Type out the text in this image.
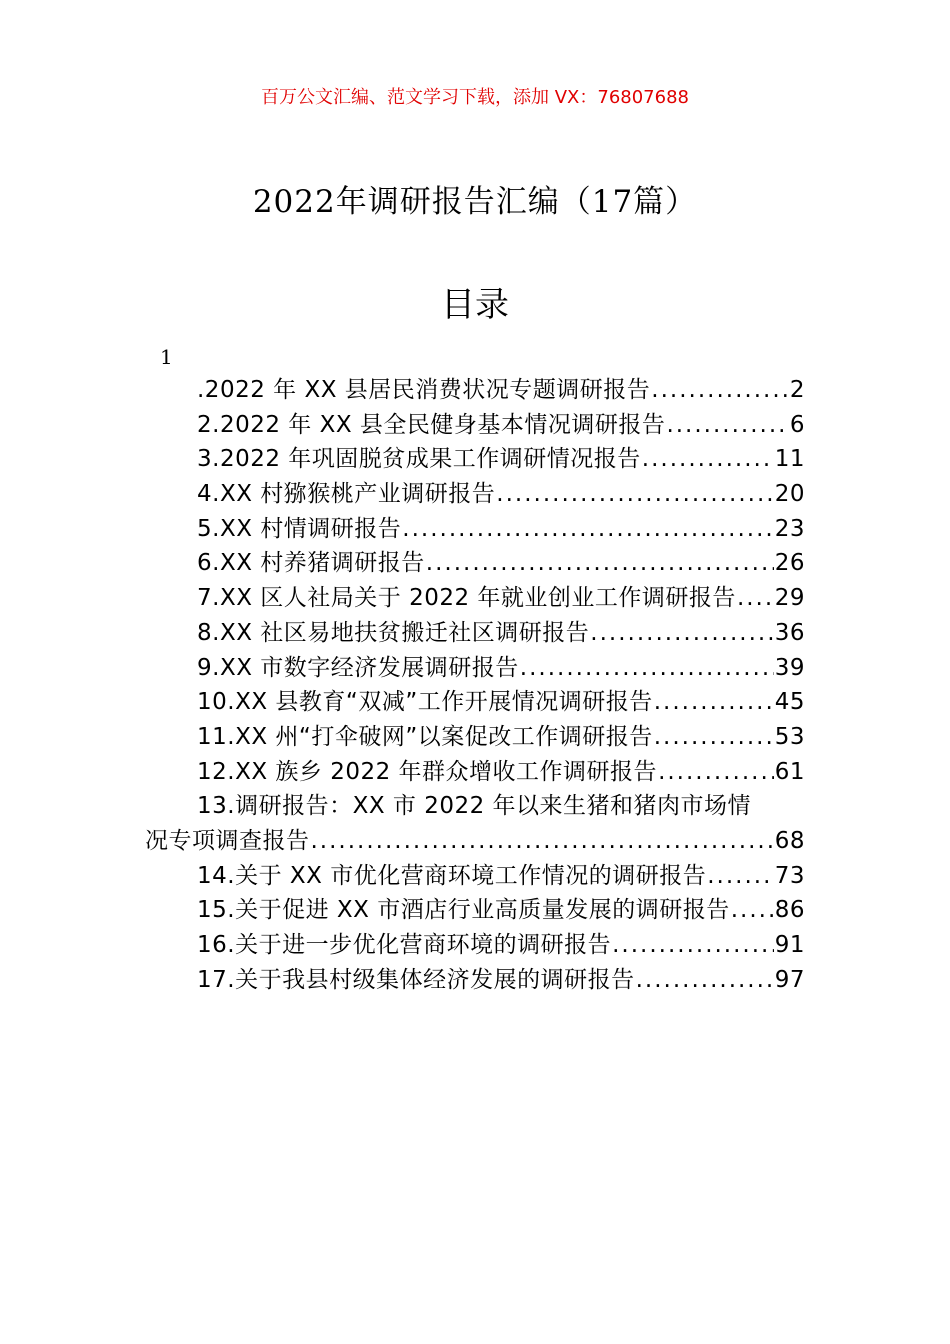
百万公文汇编、范文学习下载，添加 VX：76807688
2022年调研报告汇编（17篇）
目录
1
.2022 年 XX 县居民消费状况专题调研报告 .....	2
2.2022 年 XX 县全民健身基本情况调研报告 .....	6
3.2022 年巩固脱贫成果工作调研情况报告 .....	11
4.XX 村猕猴桃产业调研报告 .....	20
5.XX 村情调研报告 .....	23
6.XX 村养猪调研报告 .....	26
7.XX 区人社局关于 2022 年就业创业工作调研报告 ..... 29
8.XX 社区易地扶贫搬迁社区调研报告 .....	36
9.XX 市数字经济发展调研报告 .....	39
10.XX 县教育“双减”工作开展情况调研报告 .....	45
11.XX 州“打伞破网”以案促改工作调研报告 .....	53
12.XX 族乡 2022 年群众增收工作调研报告 .....	61
13.调研报告：XX 市 2022 年以来生猪和猪肉市场情
况专项调查报告 .....	68
14.关于 XX 市优化营商环境工作情况的调研报告 .....	73
15.关于促进 XX 市酒店行业高质量发展的调研报告 ..... 86
16.关于进一步优化营商环境的调研报告 .....	91
17.关于我县村级集体经济发展的调研报告 .....	97
